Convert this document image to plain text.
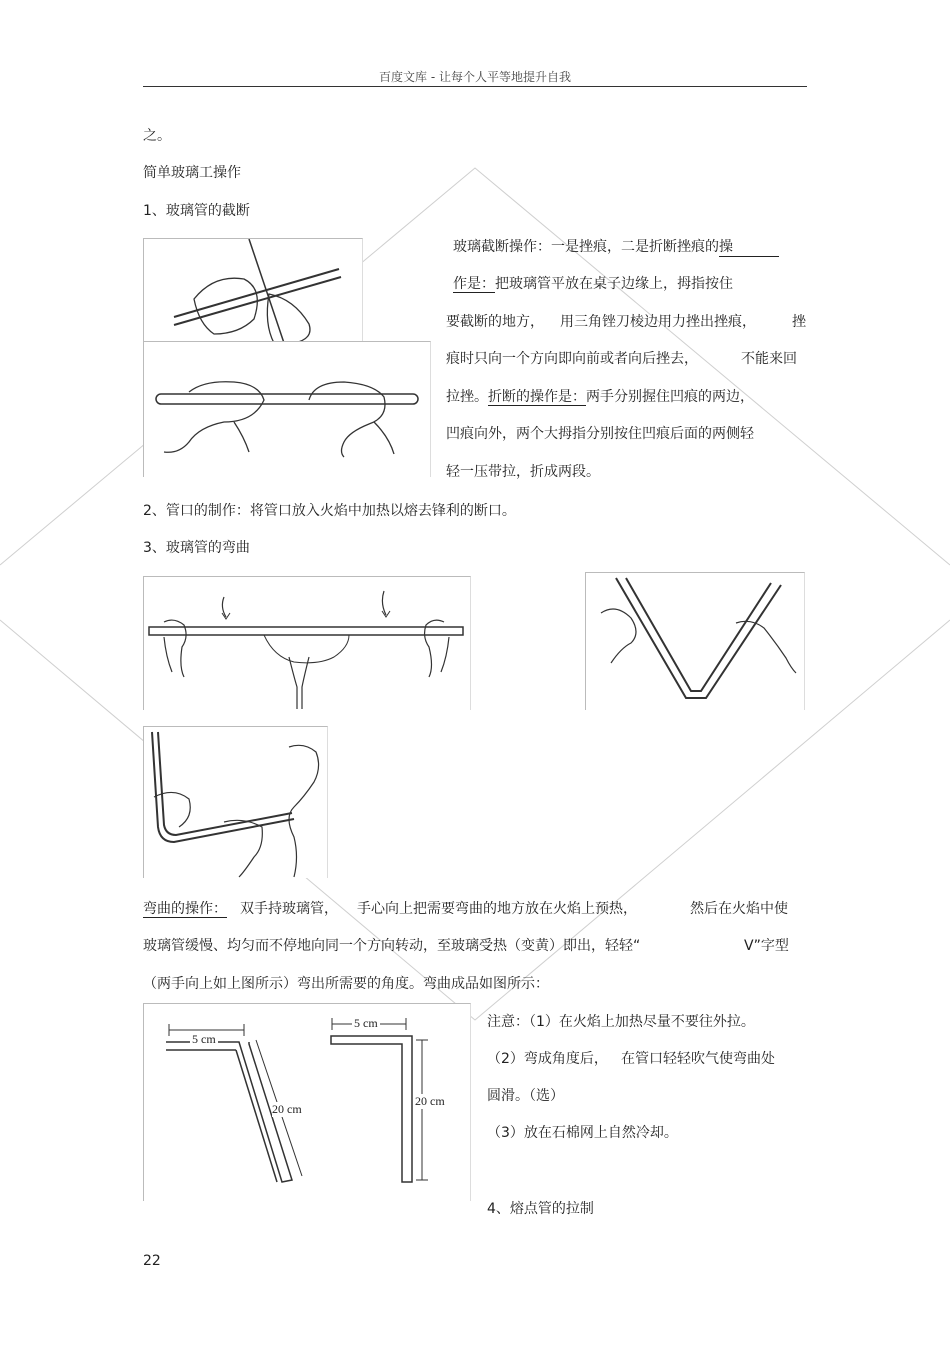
百度文库 - 让每个人平等地提升自我
之。
简单玻璃工操作
1、玻璃管的截断
玻璃截断操作：一是挫痕，二是折断挫痕的操
作是：把玻璃管平放在桌子边缘上，拇指按住
要截断的地方， 用三角锉刀棱边用力挫出挫痕，	挫
痕时只向一个方向即向前或者向后挫去，	不能来回
拉挫。折断的操作是：两手分别握住凹痕的两边，
凹痕向外，两个大拇指分别按住凹痕后面的两侧轻
轻一压带拉，折成两段。
2、管口的制作：将管口放入火焰中加热以熔去锋利的断口。
3、玻璃管的弯曲
弯曲的操作： 双手持玻璃管， 手心向上把需要弯曲的地方放在火焰上预热，	然后在火焰中使
玻璃管缓慢、均匀而不停地向同一个方向转动，至玻璃受热（变黄）即出，轻轻“	V”字型
（两手向上如上图所示）弯出所需要的角度。弯曲成品如图所示：
5 cm
20 cm
5 cm
20 cm
注意：（1）在火焰上加热尽量不要往外拉。
（2）弯成角度后， 在管口轻轻吹气使弯曲处
圆滑。（选）
（3）放在石棉网上自然冷却。
4、熔点管的拉制
22
